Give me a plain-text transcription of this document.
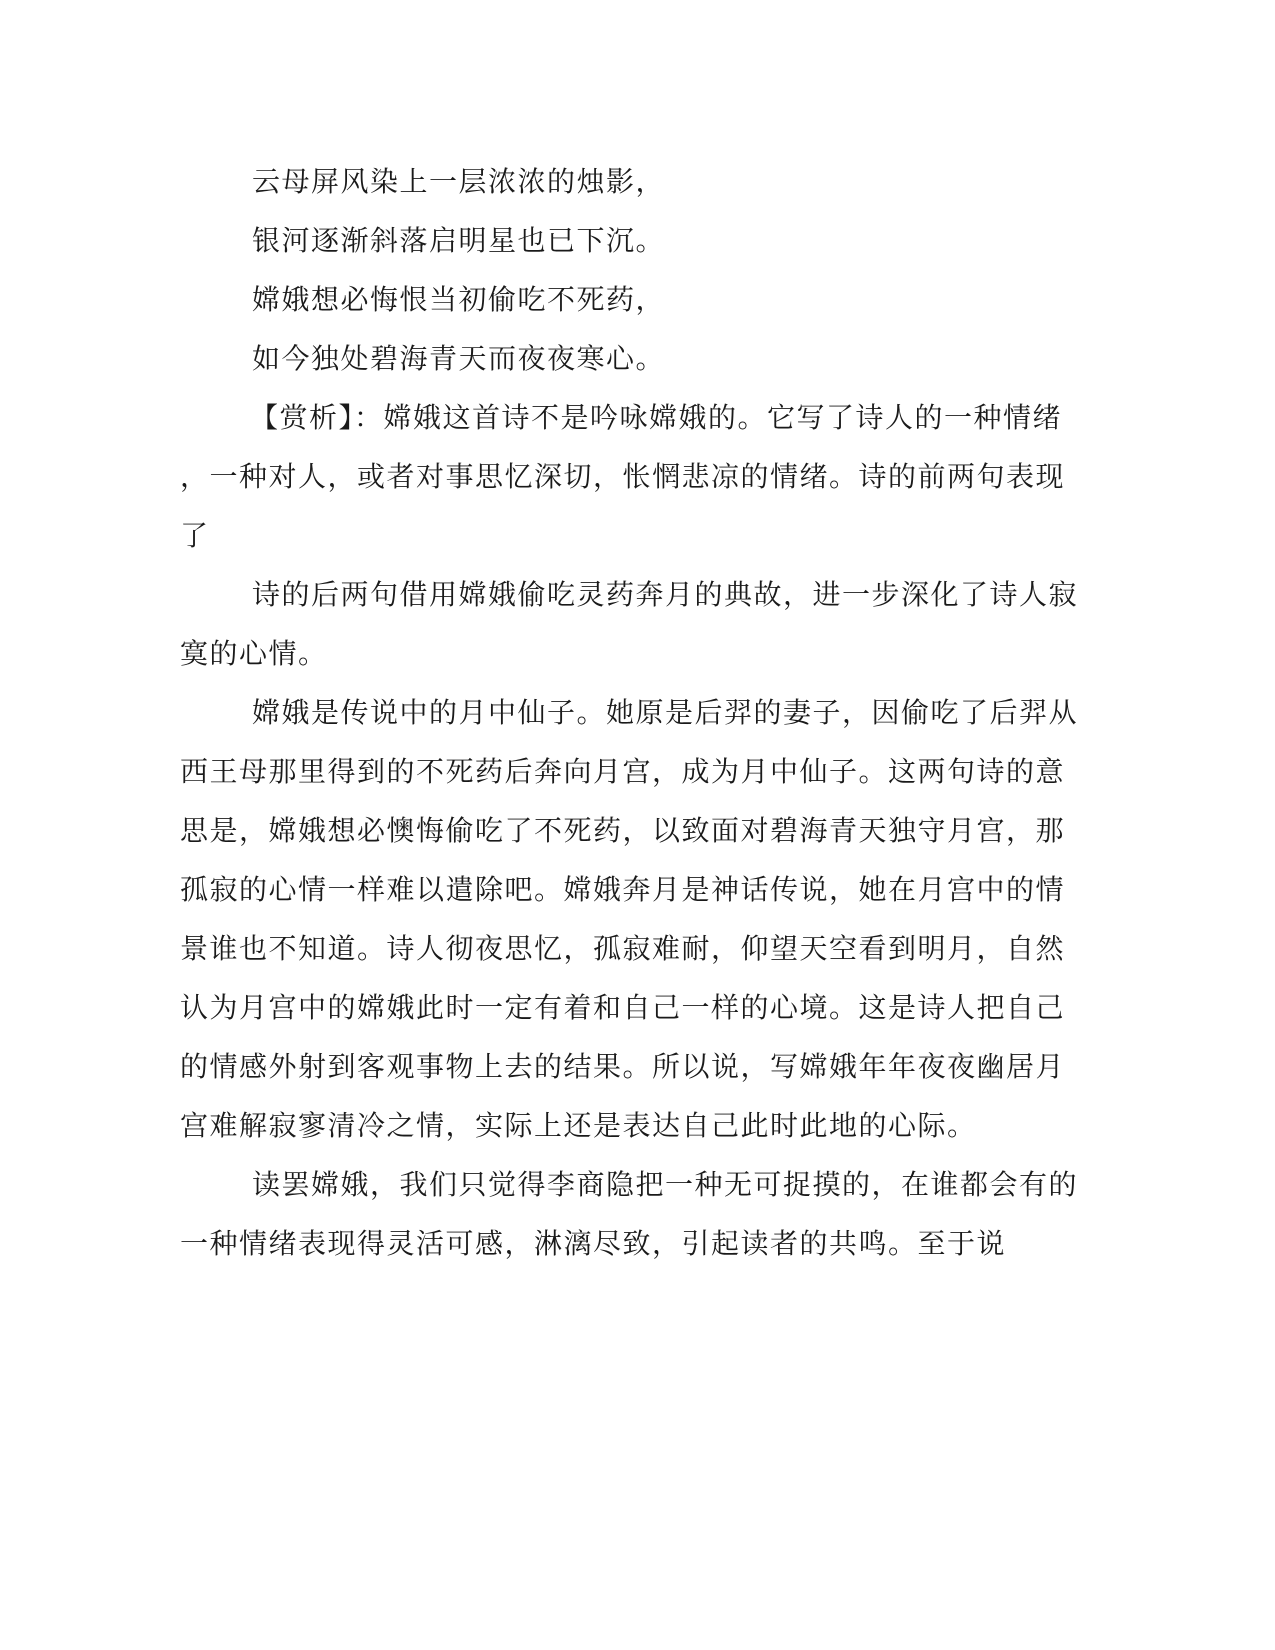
云母屏风染上一层浓浓的烛影，
银河逐渐斜落启明星也已下沉。
嫦娥想必悔恨当初偷吃不死药，
如今独处碧海青天而夜夜寒心。
【赏析】：嫦娥这首诗不是吟咏嫦娥的。它写了诗人的一种情绪
，一种对人，或者对事思忆深切，怅惘悲凉的情绪。诗的前两句表现
了
诗的后两句借用嫦娥偷吃灵药奔月的典故，进一步深化了诗人寂
寞的心情。
嫦娥是传说中的月中仙子。她原是后羿的妻子，因偷吃了后羿从
西王母那里得到的不死药后奔向月宫，成为月中仙子。这两句诗的意
思是，嫦娥想必懊悔偷吃了不死药，以致面对碧海青天独守月宫，那
孤寂的心情一样难以遣除吧。嫦娥奔月是神话传说，她在月宫中的情
景谁也不知道。诗人彻夜思忆，孤寂难耐，仰望天空看到明月，自然
认为月宫中的嫦娥此时一定有着和自己一样的心境。这是诗人把自己
的情感外射到客观事物上去的结果。所以说，写嫦娥年年夜夜幽居月
宫难解寂寥清冷之情，实际上还是表达自己此时此地的心际。
读罢嫦娥，我们只觉得李商隐把一种无可捉摸的，在谁都会有的
一种情绪表现得灵活可感，淋漓尽致，引起读者的共鸣。至于说
